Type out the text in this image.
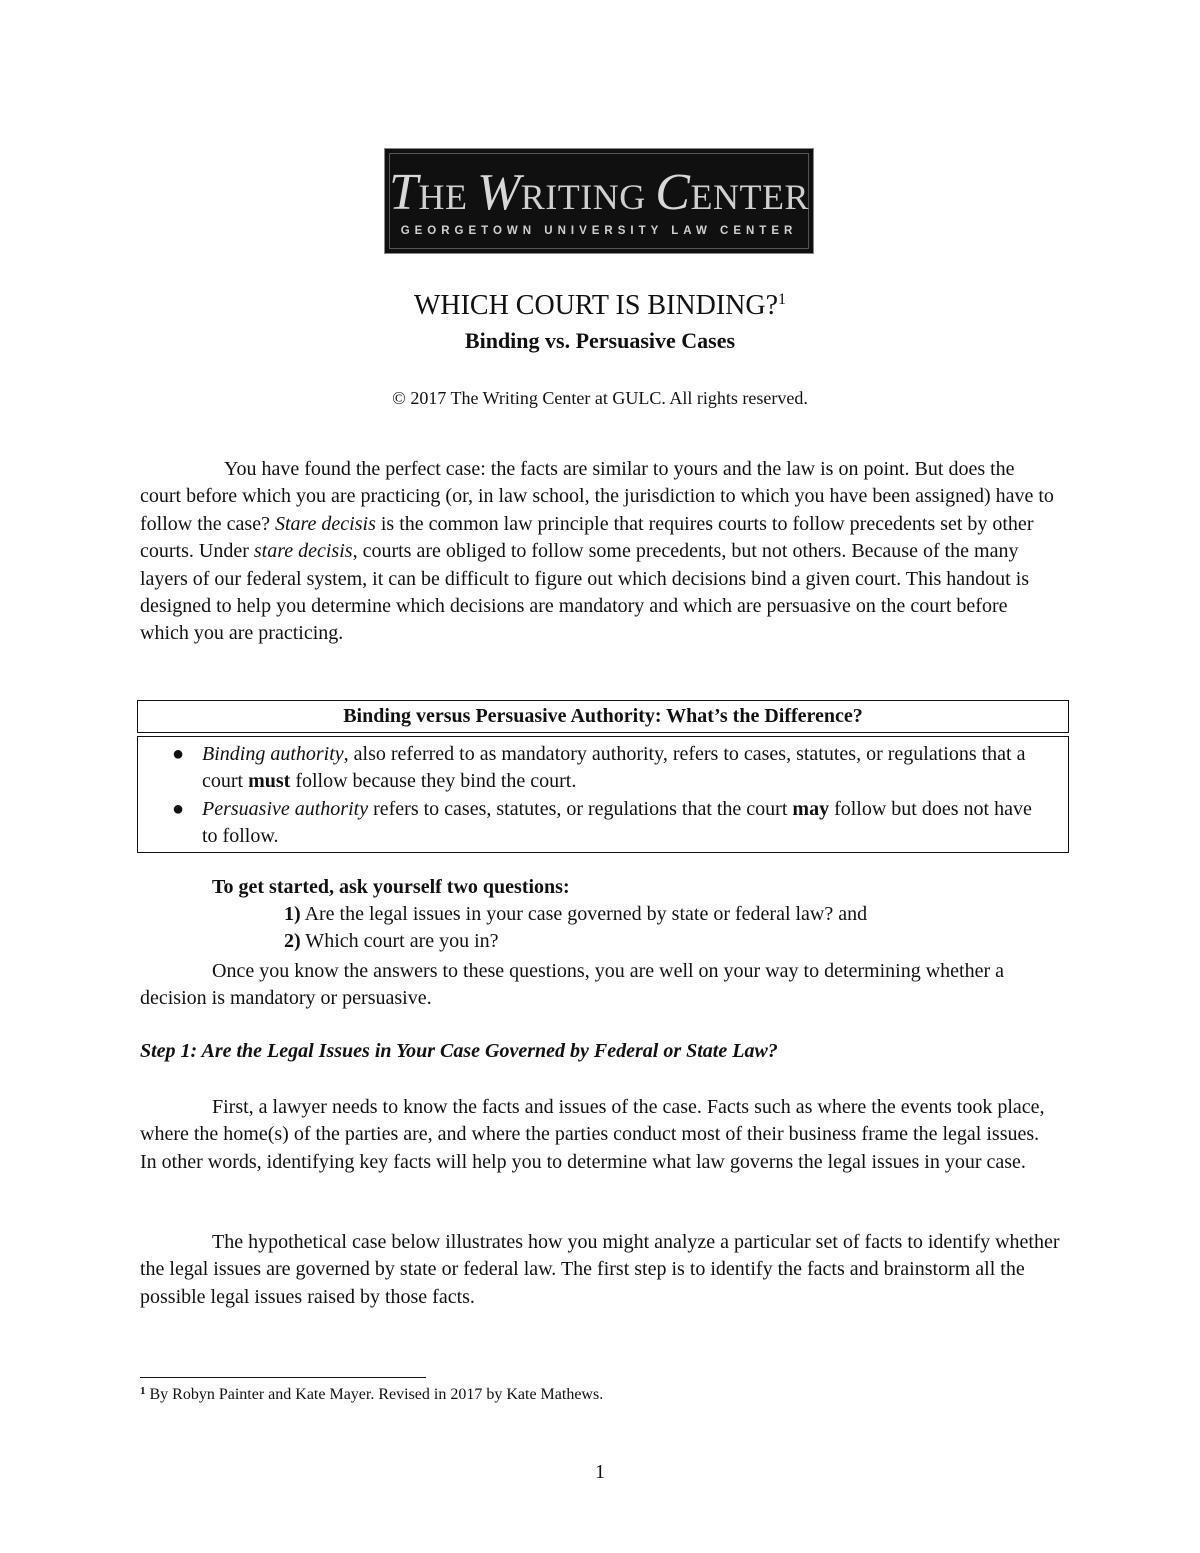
THE WRITING CENTER
GEORGETOWN UNIVERSITY LAW CENTER
WHICH COURT IS BINDING?$^1$
Binding vs. Persuasive Cases
© 2017 The Writing Center at GULC. All rights reserved.

You have found the perfect case: the facts are similar to yours and the law is on point. But does the court before which you are practicing (or, in law school, the jurisdiction to which you have been assigned) have to follow the case? Stare decisis is the common law principle that requires courts to follow precedents set by other courts. Under stare decisis, courts are obliged to follow some precedents, but not others. Because of the many layers of our federal system, it can be difficult to figure out which decisions bind a given court. This handout is designed to help you determine which decisions are mandatory and which are persuasive on the court before which you are practicing.

Binding versus Persuasive Authority: What’s the Difference?
● Binding authority, also referred to as mandatory authority, refers to cases, statutes, or regulations that a court must follow because they bind the court.
● Persuasive authority refers to cases, statutes, or regulations that the court may follow but does not have to follow.
To get started, ask yourself two questions:
1) Are the legal issues in your case governed by state or federal law? and
2) Which court are you in?

Once you know the answers to these questions, you are well on your way to determining whether a decision is mandatory or persuasive.

Step 1: Are the Legal Issues in Your Case Governed by Federal or State Law?

First, a lawyer needs to know the facts and issues of the case. Facts such as where the events took place, where the home(s) of the parties are, and where the parties conduct most of their business frame the legal issues. In other words, identifying key facts will help you to determine what law governs the legal issues in your case.

The hypothetical case below illustrates how you might analyze a particular set of facts to identify whether the legal issues are governed by state or federal law. The first step is to identify the facts and brainstorm all the possible legal issues raised by those facts.

$^1$ By Robyn Painter and Kate Mayer. Revised in 2017 by Kate Mathews.
1
